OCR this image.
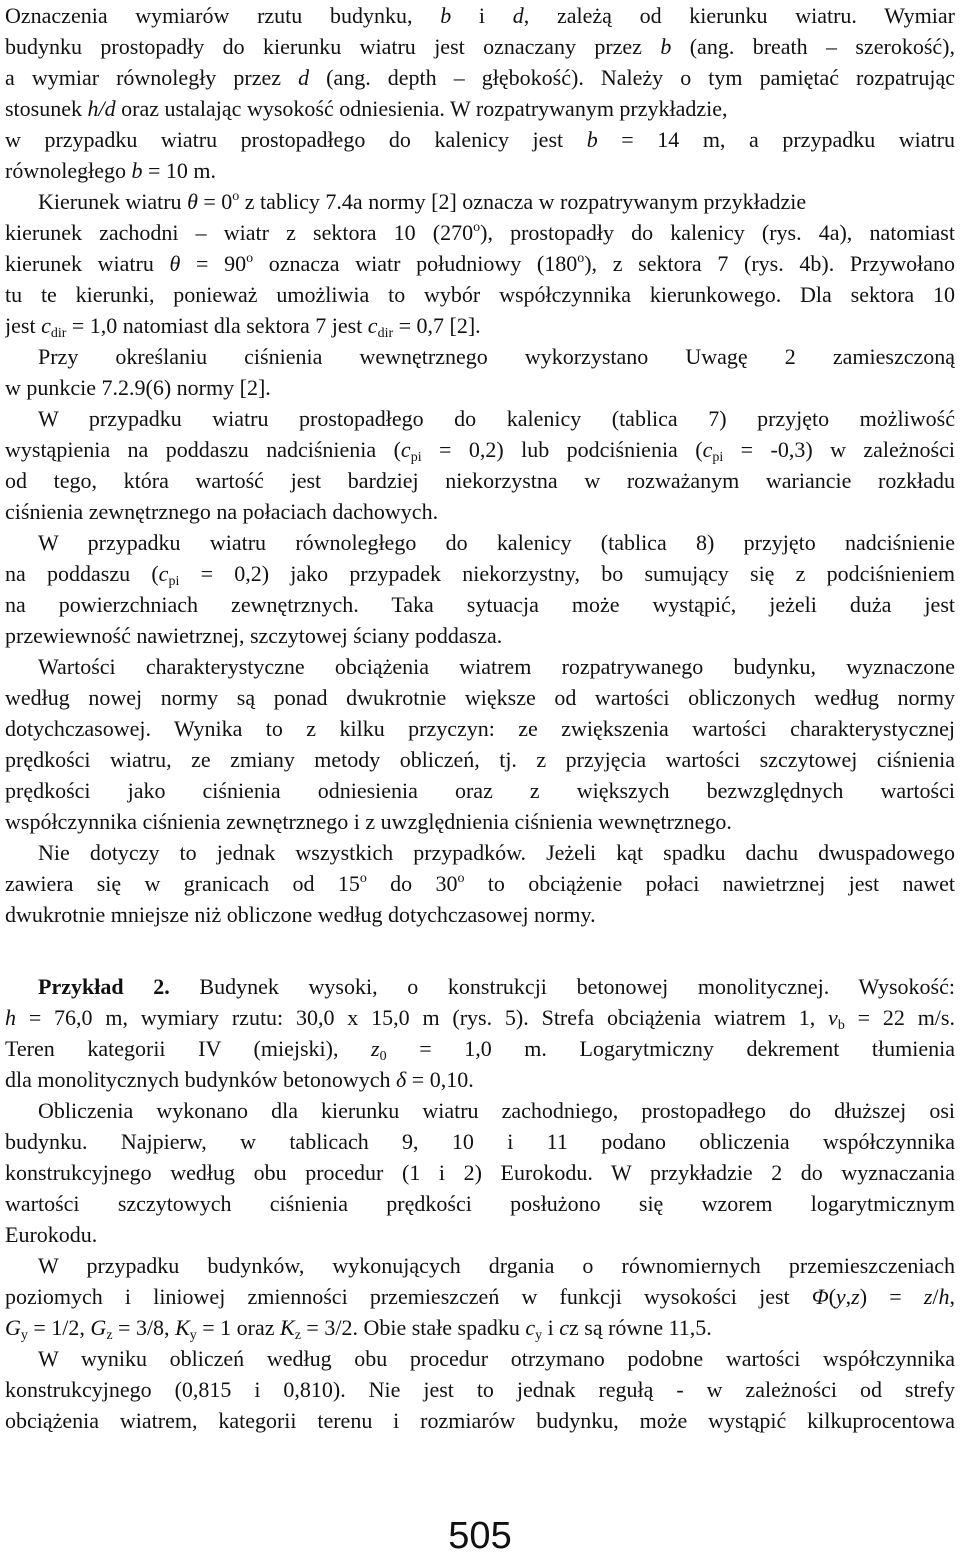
Oznaczenia wymiarów rzutu budynku, b i d, zależą od kierunku wiatru. Wymiar
budynku prostopadły do kierunku wiatru jest oznaczany przez b (ang. breath – szerokość),
a wymiar równoległy przez d (ang. depth – głębokość). Należy o tym pamiętać rozpatrując
stosunek h/d oraz ustalając wysokość odniesienia. W rozpatrywanym przykładzie,
w przypadku wiatru prostopadłego do kalenicy jest b = 14 m, a przypadku wiatru
równoległego b = 10 m.
Kierunek wiatru $\theta = 0^o$ z tablicy 7.4a normy [2] oznacza w rozpatrywanym przykładzie
kierunek zachodni – wiatr z sektora 10 (270$^o$), prostopadły do kalenicy (rys. 4a), natomiast
kierunek wiatru $\theta = 90^o$ oznacza wiatr południowy (180$^o$), z sektora 7 (rys. 4b). Przywołano
tu te kierunki, ponieważ umożliwia to wybór współczynnika kierunkowego. Dla sektora 10
jest $c_{dir} = 1,0$ natomiast dla sektora 7 jest $c_{dir} = 0,7$ [2].
Przy określaniu ciśnienia wewnętrznego wykorzystano Uwagę 2 zamieszczoną
w punkcie 7.2.9(6) normy [2].
W przypadku wiatru prostopadłego do kalenicy (tablica 7) przyjęto możliwość
wystąpienia na poddaszu nadciśnienia $(c_{pi} = 0,2)$ lub podciśnienia $(c_{pi} = -0,3)$ w zależności
od tego, która wartość jest bardziej niekorzystna w rozważanym wariancie rozkładu
ciśnienia zewnętrznego na połaciach dachowych.
W przypadku wiatru równoległego do kalenicy (tablica 8) przyjęto nadciśnienie
na poddaszu $(c_{pi} = 0,2)$ jako przypadek niekorzystny, bo sumujący się z podciśnieniem
na powierzchniach zewnętrznych. Taka sytuacja może wystąpić, jeżeli duża jest
przewiewność nawietrznej, szczytowej ściany poddasza.
Wartości charakterystyczne obciążenia wiatrem rozpatrywanego budynku, wyznaczone
według nowej normy są ponad dwukrotnie większe od wartości obliczonych według normy
dotychczasowej. Wynika to z kilku przyczyn: ze zwiększenia wartości charakterystycznej
prędkości wiatru, ze zmiany metody obliczeń, tj. z przyjęcia wartości szczytowej ciśnienia
prędkości jako ciśnienia odniesienia oraz z większych bezwzględnych wartości
współczynnika ciśnienia zewnętrznego i z uwzględnienia ciśnienia wewnętrznego.
Nie dotyczy to jednak wszystkich przypadków. Jeżeli kąt spadku dachu dwuspadowego
zawiera się w granicach od 15$^o$ do 30$^o$ to obciążenie połaci nawietrznej jest nawet
dwukrotnie mniejsze niż obliczone według dotychczasowej normy.
Przykład 2. Budynek wysoki, o konstrukcji betonowej monolitycznej. Wysokość:
h = 76,0 m, wymiary rzutu: 30,0 x 15,0 m (rys. 5). Strefa obciążenia wiatrem 1, $v_b = 22$ m/s.
Teren kategorii IV (miejski), $z_0 = 1,0$ m. Logarytmiczny dekrement tłumienia
dla monolitycznych budynków betonowych δ = 0,10.
Obliczenia wykonano dla kierunku wiatru zachodniego, prostopadłego do dłuższej osi
budynku. Najpierw, w tablicach 9, 10 i 11 podano obliczenia współczynnika
konstrukcyjnego według obu procedur (1 i 2) Eurokodu. W przykładzie 2 do wyznaczania
wartości szczytowych ciśnienia prędkości posłużono się wzorem logarytmicznym
Eurokodu.
W przypadku budynków, wykonujących drgania o równomiernych przemieszczeniach
poziomych i liniowej zmienności przemieszczeń w funkcji wysokości jest Φ(y,z) = z/h,
$G_y = 1/2$, $G_z = 3/8$, $K_y = 1$ oraz $K_z = 3/2$. Obie stałe spadku $c_y$ i cz są równe 11,5.
W wyniku obliczeń według obu procedur otrzymano podobne wartości współczynnika
konstrukcyjnego (0,815 i 0,810). Nie jest to jednak regułą - w zależności od strefy
obciążenia wiatrem, kategorii terenu i rozmiarów budynku, może wystąpić kilkuprocentowa
505
